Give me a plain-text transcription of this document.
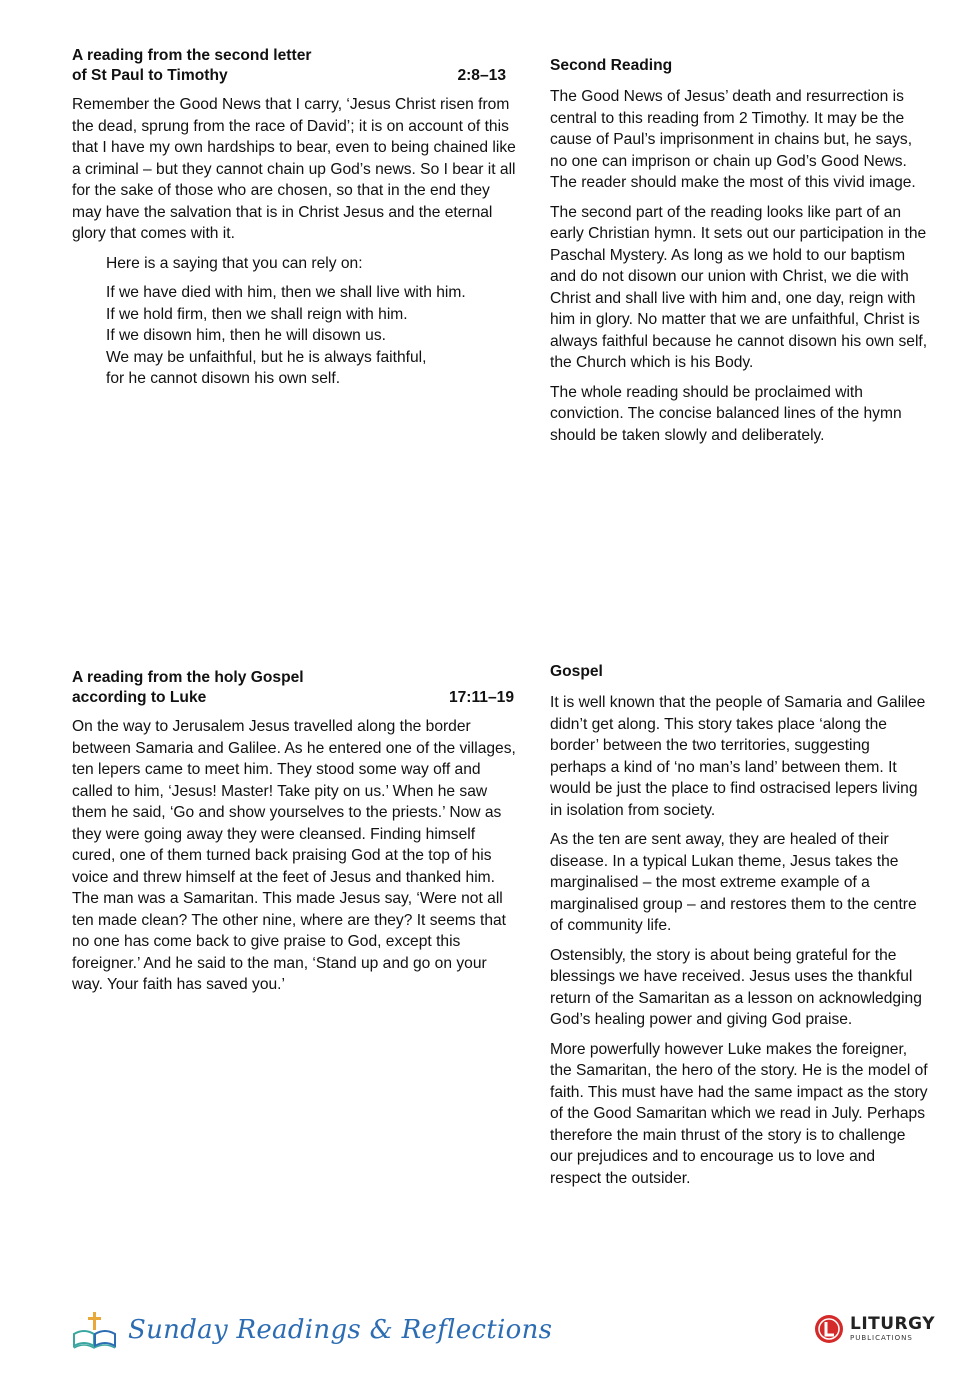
A reading from the second letter
of St Paul to Timothy	2:8–13

Remember the Good News that I carry, ‘Jesus Christ risen from the dead, sprung from the race of David’; it is on account of this that I have my own hardships to bear, even to being chained like a criminal – but they cannot chain up God’s news. So I bear it all for the sake of those who are chosen, so that in the end they may have the salvation that is in Christ Jesus and the eternal glory that comes with it.

Here is a saying that you can rely on:
If we have died with him, then we shall live with him.
If we hold firm, then we shall reign with him.
If we disown him, then he will disown us.
We may be unfaithful, but he is always faithful,
for he cannot disown his own self.
Second Reading

The Good News of Jesus’ death and resurrection is central to this reading from 2 Timothy. It may be the cause of Paul’s imprisonment in chains but, he says, no one can imprison or chain up God’s Good News. The reader should make the most of this vivid image.

The second part of the reading looks like part of an early Christian hymn. It sets out our participation in the Paschal Mystery. As long as we hold to our baptism and do not disown our union with Christ, we die with Christ and shall live with him and, one day, reign with him in glory. No matter that we are unfaithful, Christ is always faithful because he cannot disown his own self, the Church which is his Body.

The whole reading should be proclaimed with conviction. The concise balanced lines of the hymn should be taken slowly and deliberately.

A reading from the holy Gospel
according to Luke	17:11–19

On the way to Jerusalem Jesus travelled along the border between Samaria and Galilee. As he entered one of the villages, ten lepers came to meet him. They stood some way off and called to him, ‘Jesus! Master! Take pity on us.’ When he saw them he said, ‘Go and show yourselves to the priests.’ Now as they were going away they were cleansed. Finding himself cured, one of them turned back praising God at the top of his voice and threw himself at the feet of Jesus and thanked him. The man was a Samaritan. This made Jesus say, ‘Were not all ten made clean? The other nine, where are they? It seems that no one has come back to give praise to God, except this foreigner.’ And he said to the man, ‘Stand up and go on your way. Your faith has saved you.’

Gospel

It is well known that the people of Samaria and Galilee didn’t get along. This story takes place ‘along the border’ between the two territories, suggesting perhaps a kind of ‘no man’s land’ between them. It would be just the place to find ostracised lepers living in isolation from society.

As the ten are sent away, they are healed of their disease. In a typical Lukan theme, Jesus takes the marginalised – the most extreme example of a marginalised group – and restores them to the centre of community life.

Ostensibly, the story is about being grateful for the blessings we have received. Jesus uses the thankful return of the Samaritan as a lesson on acknowledging God’s healing power and giving God praise.

More powerfully however Luke makes the foreigner, the Samaritan, the hero of the story. He is the model of faith. This must have had the same impact as the story of the Good Samaritan which we read in July. Perhaps therefore the main thrust of the story is to challenge our prejudices and to encourage us to love and respect the outsider.

Sunday Readings & Reflections	LITURGY
PUBLICATIONS
